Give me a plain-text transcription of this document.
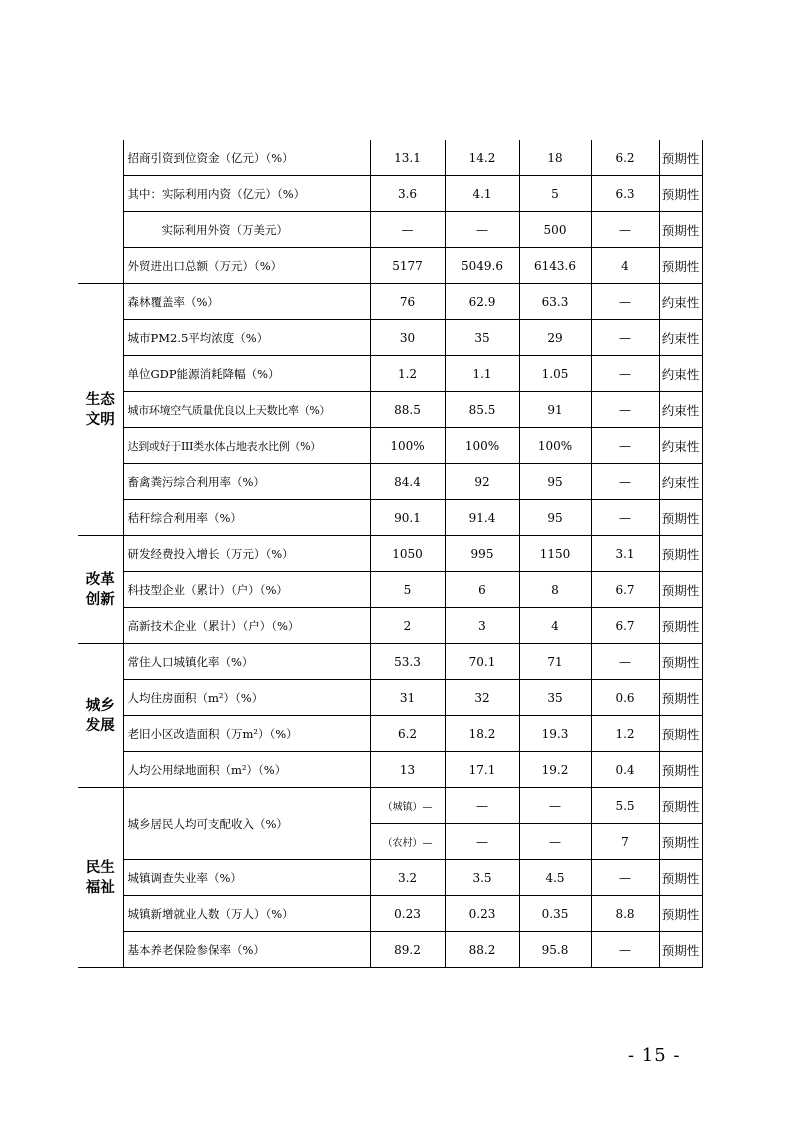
	招商引资到位资金（亿元）（%）	13.1	14.2	18	6.2	预期性
	其中：实际利用内资（亿元）（%）	3.6	4.1	5	6.3	预期性
	实际利用外资（万美元）	—	—	500	—	预期性
	外贸进出口总额（万元）（%）	5177	5049.6	6143.6	4	预期性

生态
文明	森林覆盖率（%）	76	62.9	63.3	—	约束性
	城市PM2.5平均浓度（%）	30	35	29	—	约束性
	单位GDP能源消耗降幅（%）	1.2	1.1	1.05	—	约束性
	城市环境空气质量优良以上天数比率（%）	88.5	85.5	91	—	约束性
	达到或好于III类水体占地表水比例（%）	100%	100%	100%	—	约束性
	畜禽粪污综合利用率（%）	84.4	92	95	—	约束性
	秸秆综合利用率（%）	90.1	91.4	95	—	预期性

改革
创新	研发经费投入增长（万元）（%）	1050	995	1150	3.1	预期性
	科技型企业（累计）（户）（%）	5	6	8	6.7	预期性
	高新技术企业（累计）（户）（%）	2	3	4	6.7	预期性

城乡
发展	常住人口城镇化率（%）	53.3	70.1	71	—	预期性
	人均住房面积（m²）（%）	31	32	35	0.6	预期性
	老旧小区改造面积（万m²）（%）	6.2	18.2	19.3	1.2	预期性
	人均公用绿地面积（m²）（%）	13	17.1	19.2	0.4	预期性

民生
福祉	城乡居民人均可支配收入（%）	（城镇）—	—	—	5.5	预期性
		（农村）—	—	—	7	预期性
	城镇调查失业率（%）	3.2	3.5	4.5	—	预期性
	城镇新增就业人数（万人）（%）	0.23	0.23	0.35	8.8	预期性
	基本养老保险参保率（%）	89.2	88.2	95.8	—	预期性
- 15 -
